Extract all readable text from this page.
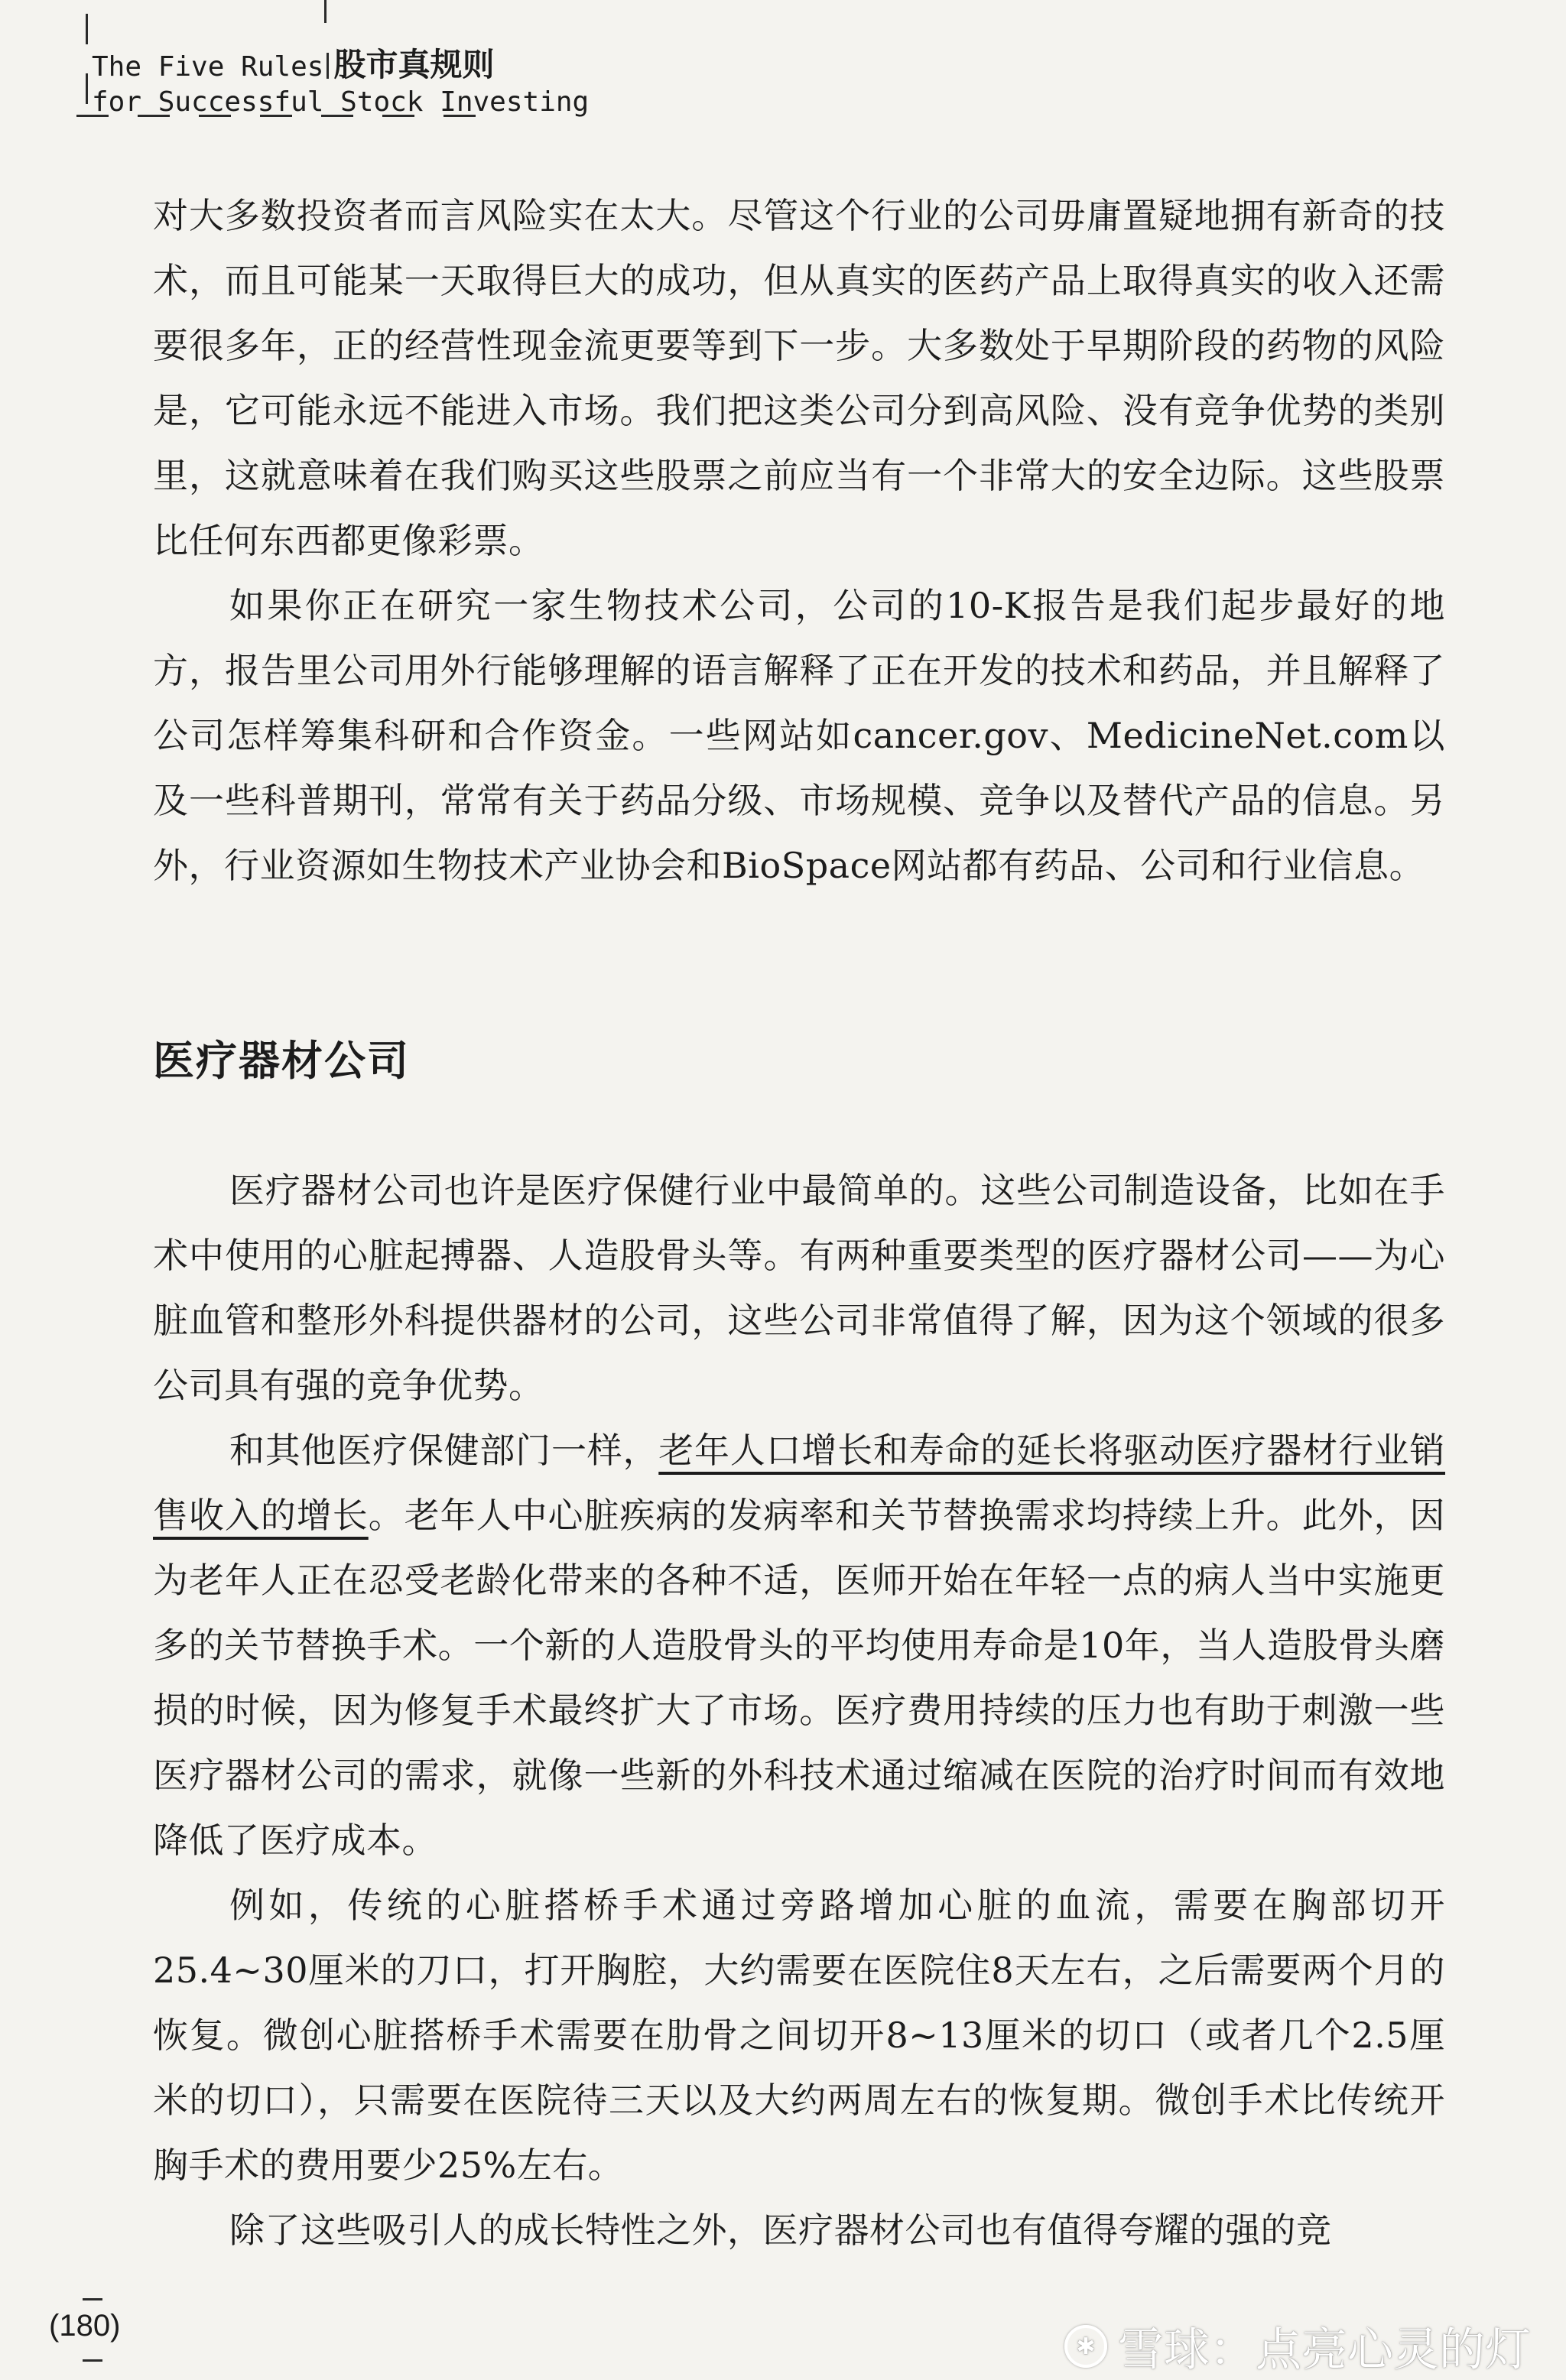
The Five Rules 股市真规则
for Successful Stock Investing

对大多数投资者而言风险实在太大。尽管这个行业的公司毋庸置疑地拥有新奇的技术，而且可能某一天取得巨大的成功，但从真实的医药产品上取得真实的收入还需要很多年，正的经营性现金流更要等到下一步。大多数处于早期阶段的药物的风险是，它可能永远不能进入市场。我们把这类公司分到高风险、没有竞争优势的类别里，这就意味着在我们购买这些股票之前应当有一个非常大的安全边际。这些股票比任何东西都更像彩票。

如果你正在研究一家生物技术公司，公司的10-K报告是我们起步最好的地方，报告里公司用外行能够理解的语言解释了正在开发的技术和药品，并且解释了公司怎样筹集科研和合作资金。一些网站如cancer.gov、MedicineNet.com以及一些科普期刊，常常有关于药品分级、市场规模、竞争以及替代产品的信息。另外，行业资源如生物技术产业协会和BioSpace网站都有药品、公司和行业信息。

医疗器材公司

医疗器材公司也许是医疗保健行业中最简单的。这些公司制造设备，比如在手术中使用的心脏起搏器、人造股骨头等。有两种重要类型的医疗器材公司——为心脏血管和整形外科提供器材的公司，这些公司非常值得了解，因为这个领域的很多公司具有强的竞争优势。

和其他医疗保健部门一样，老年人口增长和寿命的延长将驱动医疗器材行业销售收入的增长。老年人中心脏疾病的发病率和关节替换需求均持续上升。此外，因为老年人正在忍受老龄化带来的各种不适，医师开始在年轻一点的病人当中实施更多的关节替换手术。一个新的人造股骨头的平均使用寿命是10年，当人造股骨头磨损的时候，因为修复手术最终扩大了市场。医疗费用持续的压力也有助于刺激一些医疗器材公司的需求，就像一些新的外科技术通过缩减在医院的治疗时间而有效地降低了医疗成本。

例如，传统的心脏搭桥手术通过旁路增加心脏的血流，需要在胸部切开25.4~30厘米的刀口，打开胸腔，大约需要在医院住8天左右，之后需要两个月的恢复。微创心脏搭桥手术需要在肋骨之间切开8~13厘米的切口（或者几个2.5厘米的切口），只需要在医院待三天以及大约两周左右的恢复期。微创手术比传统开胸手术的费用要少25%左右。

除了这些吸引人的成长特性之外，医疗器材公司也有值得夸耀的强的竞

(180)
✱ 雪球：点亮心灵的灯
